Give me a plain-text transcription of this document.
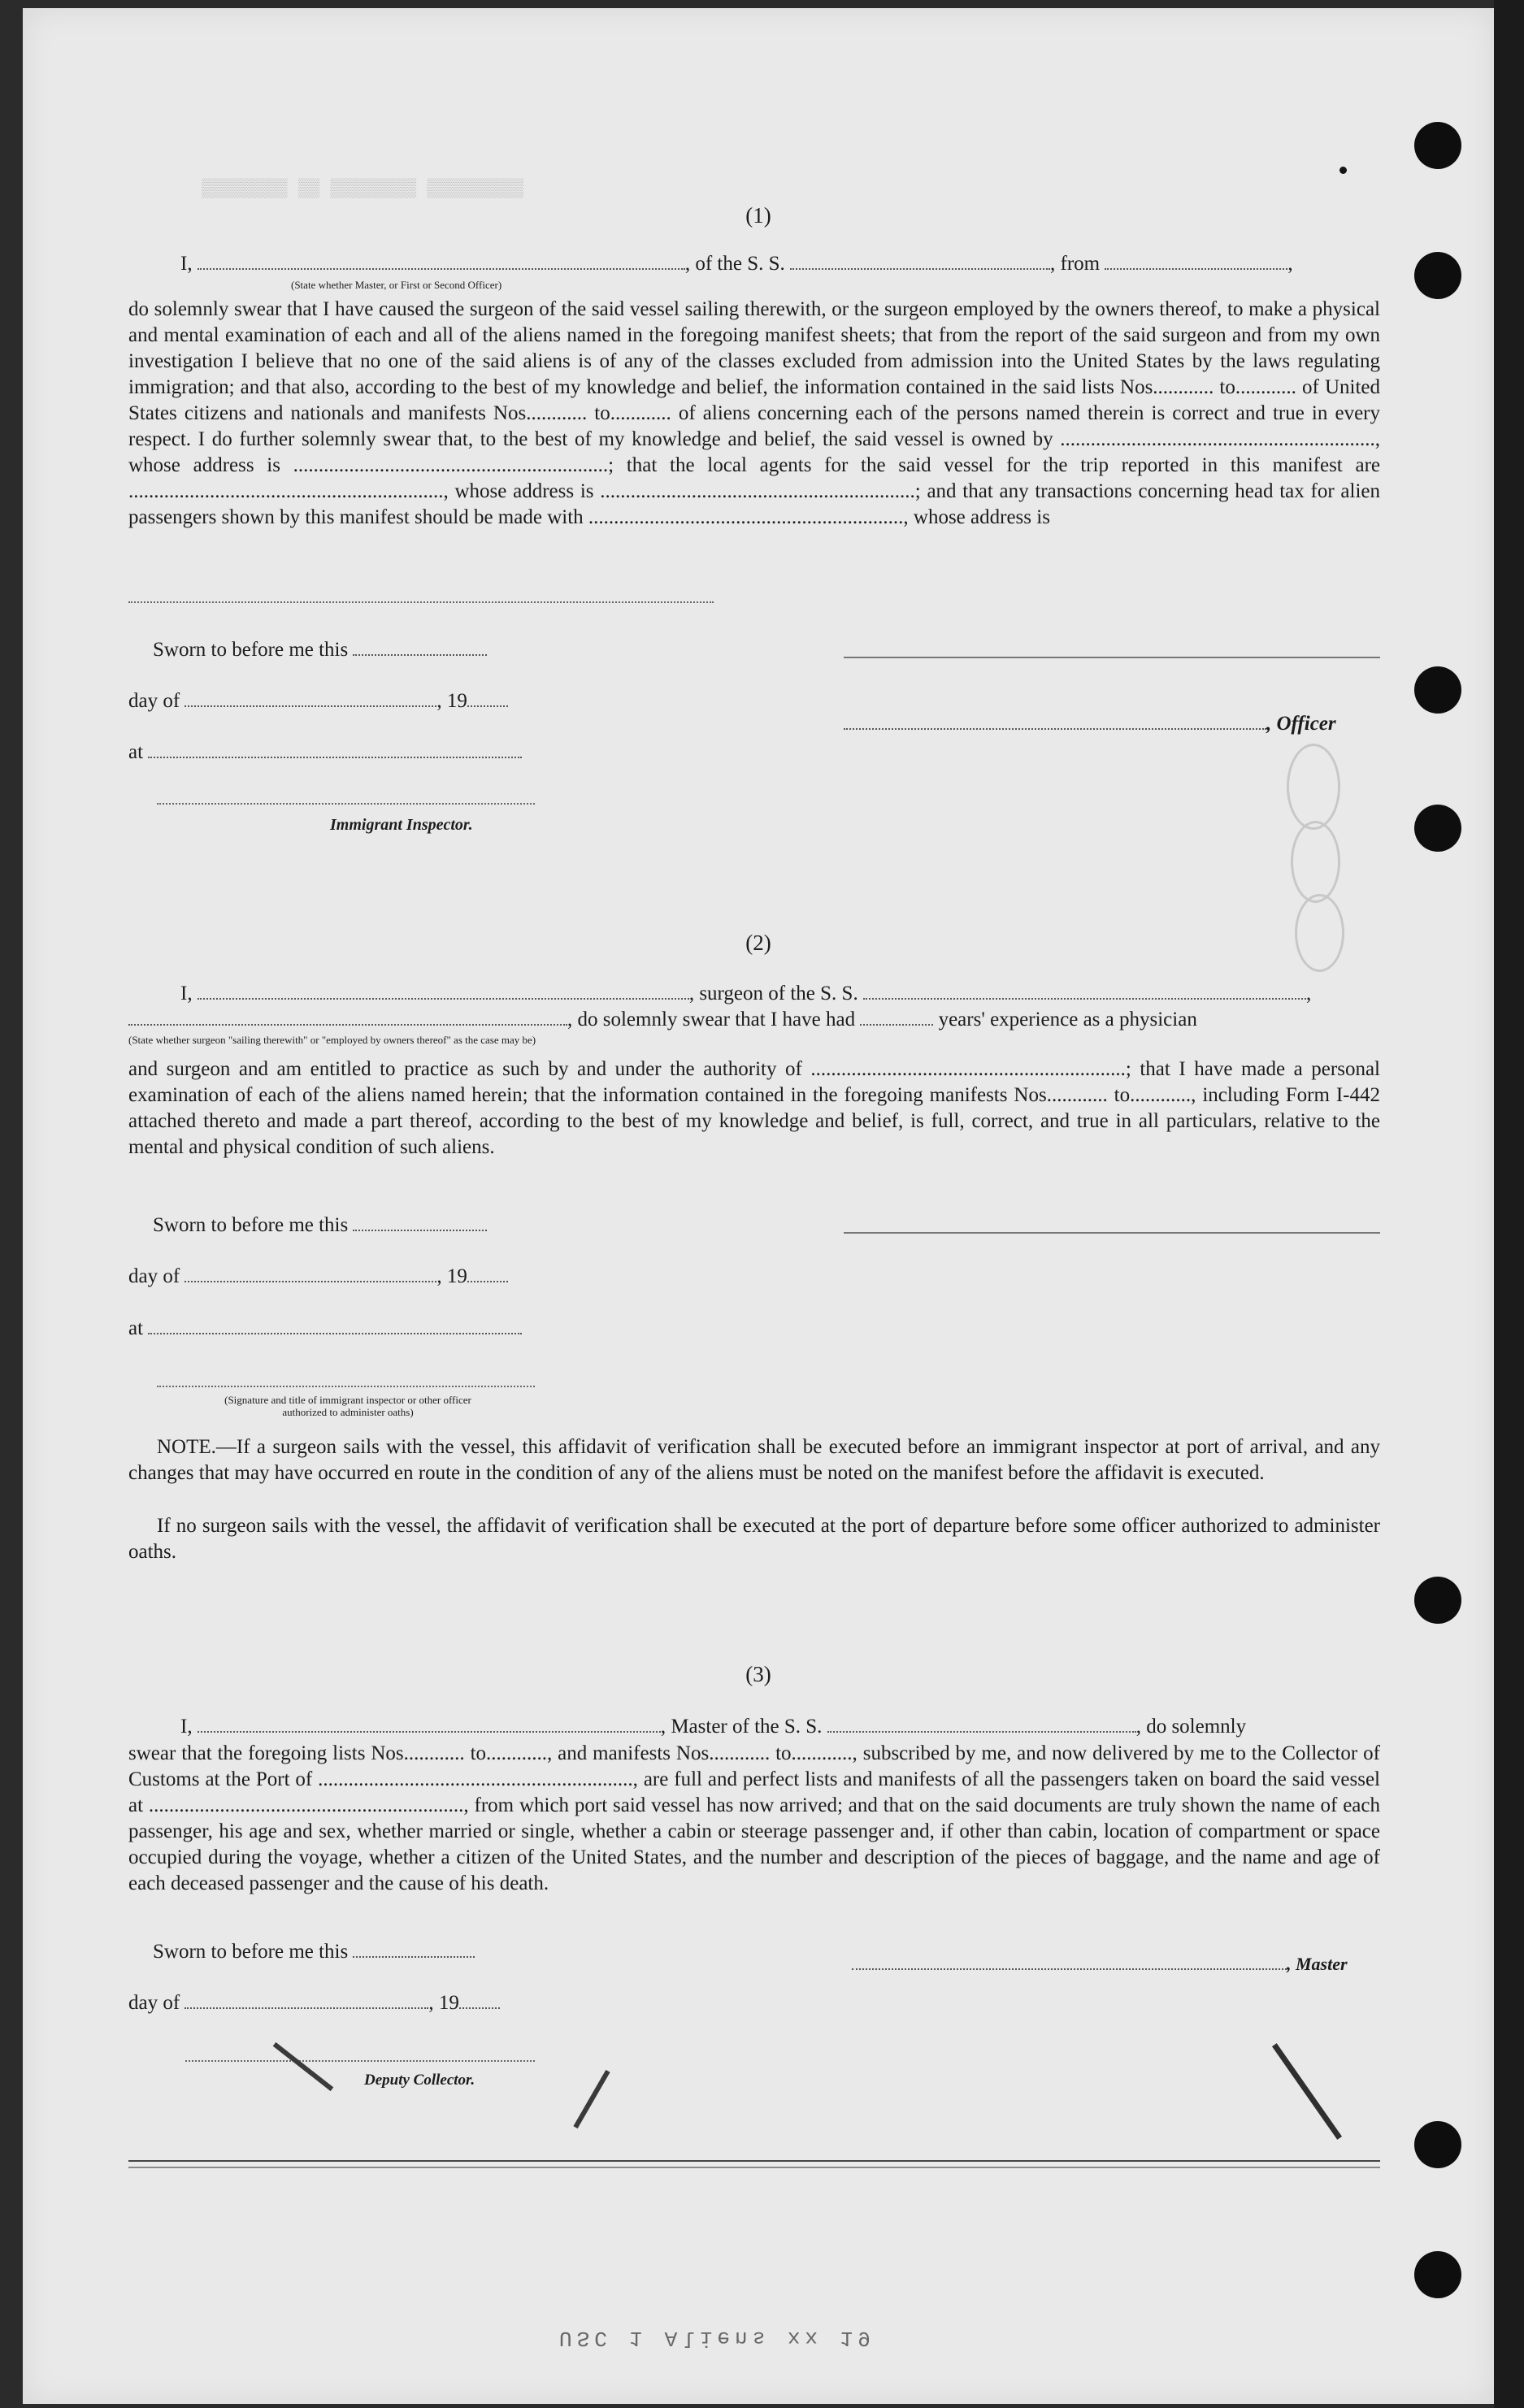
▒▒▒▒▒▒▒▒ ▒▒ ▒▒▒▒▒▒▒▒ ▒▒▒▒▒▒▒▒▒
(1)
I,	, of the S. S.	, from	,
(State whether Master, or First or Second Officer)
do solemnly swear that I have caused the surgeon of the said vessel sailing therewith, or the surgeon employed by the owners thereof, to make a physical and mental examination of each and all of the aliens named in the foregoing manifest sheets; that from the report of the said surgeon and from my own investigation I believe that no one of the said aliens is of any of the classes excluded from admission into the United States by the laws regulating immigration; and that also, according to the best of my knowledge and belief, the information contained in the said lists Nos............ to............ of United States citizens and nationals and manifests Nos............ to............ of aliens concerning each of the persons named therein is correct and true in every respect. I do further solemnly swear that, to the best of my knowledge and belief, the said vessel is owned by .............................................................., whose address is ..............................................................; that the local agents for the said vessel for the trip reported in this manifest are .............................................................., whose address is ..............................................................; and that any transactions concerning head tax for alien passengers shown by this manifest should be made with .............................................................., whose address is
Sworn to before me this
day of	, 19
, Officer
at
Immigrant Inspector.
(2)
I,	, surgeon of the S. S.	,
, do solemnly swear that I have had	years' experience as a physician
(State whether surgeon "sailing therewith" or "employed by owners thereof" as the case may be)
and surgeon and am entitled to practice as such by and under the authority of ..............................................................; that I have made a personal examination of each of the aliens named herein; that the information contained in the foregoing manifests Nos............ to............, including Form I-442 attached thereto and made a part thereof, according to the best of my knowledge and belief, is full, correct, and true in all particulars, relative to the mental and physical condition of such aliens.
Sworn to before me this
day of	, 19
at
(Signature and title of immigrant inspector or other officer authorized to administer oaths)
NOTE.—If a surgeon sails with the vessel, this affidavit of verification shall be executed before an immigrant inspector at port of arrival, and any changes that may have occurred en route in the condition of any of the aliens must be noted on the manifest before the affidavit is executed.
If no surgeon sails with the vessel, the affidavit of verification shall be executed at the port of departure before some officer authorized to administer oaths.
(3)
I,	, Master of the S. S.	, do solemnly
swear that the foregoing lists Nos............ to............, and manifests Nos............ to............, subscribed by me, and now delivered by me to the Collector of Customs at the Port of .............................................................., are full and perfect lists and manifests of all the passengers taken on board the said vessel at .............................................................., from which port said vessel has now arrived; and that on the said documents are truly shown the name of each passenger, his age and sex, whether married or single, whether a cabin or steerage passenger and, if other than cabin, location of compartment or space occupied during the voyage, whether a citizen of the United States, and the number and description of the pieces of baggage, and the name and age of each deceased passenger and the cause of his death.
Sworn to before me this
, Master
day of	, 19
Deputy Collector.
USC 1 Aliens xx 19
